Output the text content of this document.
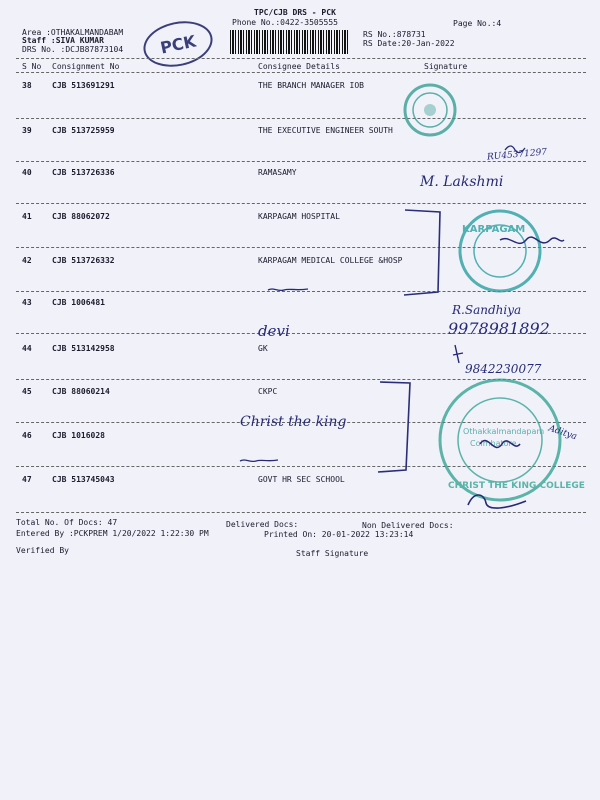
TPC/CJB DRS - PCK
Phone No.:0422-3505555	Page No.:4
Area :OTHAKALMANDABAM
Staff :SIVA KUMAR
DRS No. :DCJB87873104
RS No.:878731
RS Date:20-Jan-2022
PCK
S No Consignment No	Consignee Details	Signature
38	CJB 513691291	THE BRANCH MANAGER IOB
39	CJB 513725959	THE EXECUTIVE ENGINEER SOUTH
40	CJB 513726336	RAMASAMY
41	CJB 88062072	KARPAGAM HOSPITAL
42	CJB 513726332	KARPAGAM MEDICAL COLLEGE &HOSP
43	CJB 1006481
44	CJB 513142958	GK
45	CJB 88060214	CKPC
46	CJB 1016028
47	CJB 513745043	GOVT HR SEC SCHOOL
KARPAGAM
CHRIST THE KING COLLEGE
Othakkalmandapam
Coimbatore
RU45371297
M. Lakshmi
R.Sandhiya
9978981892
devi
9842230077
Christ the king
Aditya
Total No. Of Docs: 47	Delivered Docs:	Non Delivered Docs:
Entered By :PCKPREM 1/20/2022 1:22:30 PM	Printed On: 20-01-2022 13:23:14
Verified By	Staff Signature
